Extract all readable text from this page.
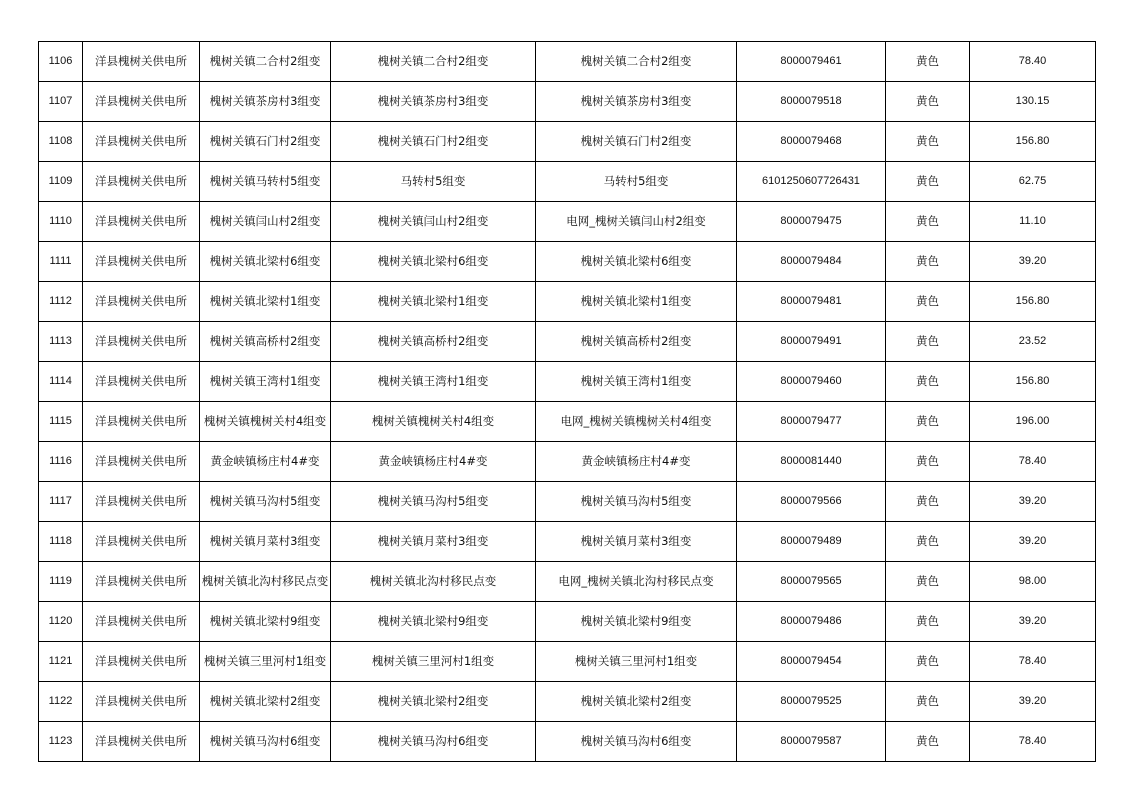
1106	洋县槐树关供电所	槐树关镇二合村2组变	槐树关镇二合村2组变	槐树关镇二合村2组变	8000079461	黄色	78.40
1107	洋县槐树关供电所	槐树关镇茶房村3组变	槐树关镇茶房村3组变	槐树关镇茶房村3组变	8000079518	黄色	130.15
1108	洋县槐树关供电所	槐树关镇石门村2组变	槐树关镇石门村2组变	槐树关镇石门村2组变	8000079468	黄色	156.80
1109	洋县槐树关供电所	槐树关镇马转村5组变	马转村5组变	马转村5组变	6101250607726431	黄色	62.75
1110	洋县槐树关供电所	槐树关镇闫山村2组变	槐树关镇闫山村2组变	电网_槐树关镇闫山村2组变	8000079475	黄色	11.10
1111	洋县槐树关供电所	槐树关镇北梁村6组变	槐树关镇北梁村6组变	槐树关镇北梁村6组变	8000079484	黄色	39.20
1112	洋县槐树关供电所	槐树关镇北梁村1组变	槐树关镇北梁村1组变	槐树关镇北梁村1组变	8000079481	黄色	156.80
1113	洋县槐树关供电所	槐树关镇高桥村2组变	槐树关镇高桥村2组变	槐树关镇高桥村2组变	8000079491	黄色	23.52
1114	洋县槐树关供电所	槐树关镇王湾村1组变	槐树关镇王湾村1组变	槐树关镇王湾村1组变	8000079460	黄色	156.80
1115	洋县槐树关供电所	槐树关镇槐树关村4组变	槐树关镇槐树关村4组变	电网_槐树关镇槐树关村4组变	8000079477	黄色	196.00
1116	洋县槐树关供电所	黄金峡镇杨庄村4#变	黄金峡镇杨庄村4#变	黄金峡镇杨庄村4#变	8000081440	黄色	78.40
1117	洋县槐树关供电所	槐树关镇马沟村5组变	槐树关镇马沟村5组变	槐树关镇马沟村5组变	8000079566	黄色	39.20
1118	洋县槐树关供电所	槐树关镇月菜村3组变	槐树关镇月菜村3组变	槐树关镇月菜村3组变	8000079489	黄色	39.20
1119	洋县槐树关供电所	槐树关镇北沟村移民点变	槐树关镇北沟村移民点变	电网_槐树关镇北沟村移民点变	8000079565	黄色	98.00
1120	洋县槐树关供电所	槐树关镇北梁村9组变	槐树关镇北梁村9组变	槐树关镇北梁村9组变	8000079486	黄色	39.20
1121	洋县槐树关供电所	槐树关镇三里河村1组变	槐树关镇三里河村1组变	槐树关镇三里河村1组变	8000079454	黄色	78.40
1122	洋县槐树关供电所	槐树关镇北梁村2组变	槐树关镇北梁村2组变	槐树关镇北梁村2组变	8000079525	黄色	39.20
1123	洋县槐树关供电所	槐树关镇马沟村6组变	槐树关镇马沟村6组变	槐树关镇马沟村6组变	8000079587	黄色	78.40
